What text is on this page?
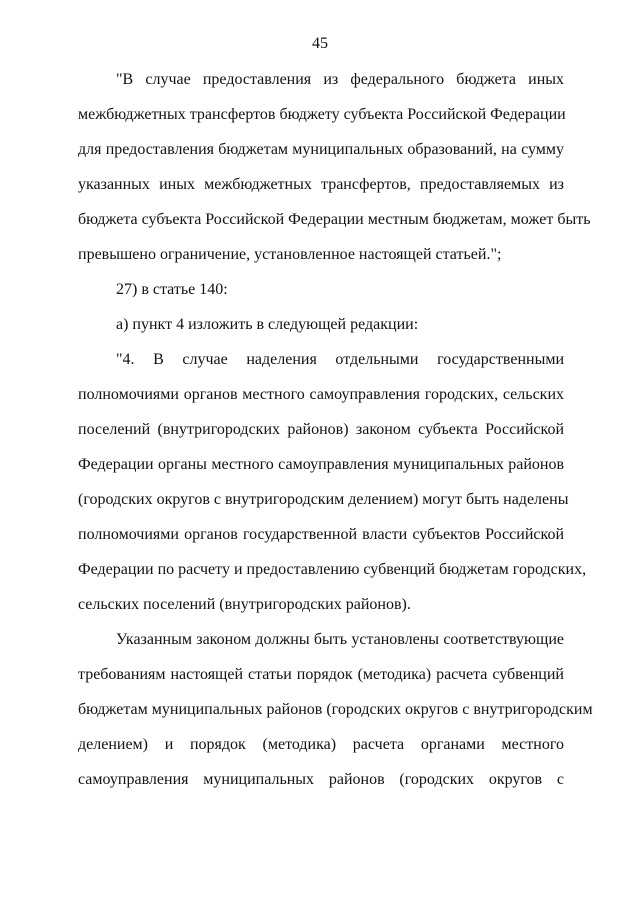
45
"В случае предоставления из федерального бюджета иных
межбюджетных трансфертов бюджету субъекта Российской Федерации
для предоставления бюджетам муниципальных образований, на сумму
указанных иных межбюджетных трансфертов, предоставляемых из
бюджета субъекта Российской Федерации местным бюджетам, может быть
превышено ограничение, установленное настоящей статьей.";
27) в статье 140:
а) пункт 4 изложить в следующей редакции:
"4. В случае наделения отдельными государственными
полномочиями органов местного самоуправления городских, сельских
поселений (внутригородских районов) законом субъекта Российской
Федерации органы местного самоуправления муниципальных районов
(городских округов с внутригородским делением) могут быть наделены
полномочиями органов государственной власти субъектов Российской
Федерации по расчету и предоставлению субвенций бюджетам городских,
сельских поселений (внутригородских районов).
Указанным законом должны быть установлены соответствующие
требованиям настоящей статьи порядок (методика) расчета субвенций
бюджетам муниципальных районов (городских округов с внутригородским
делением) и порядок (методика) расчета органами местного
самоуправления муниципальных районов (городских округов с
